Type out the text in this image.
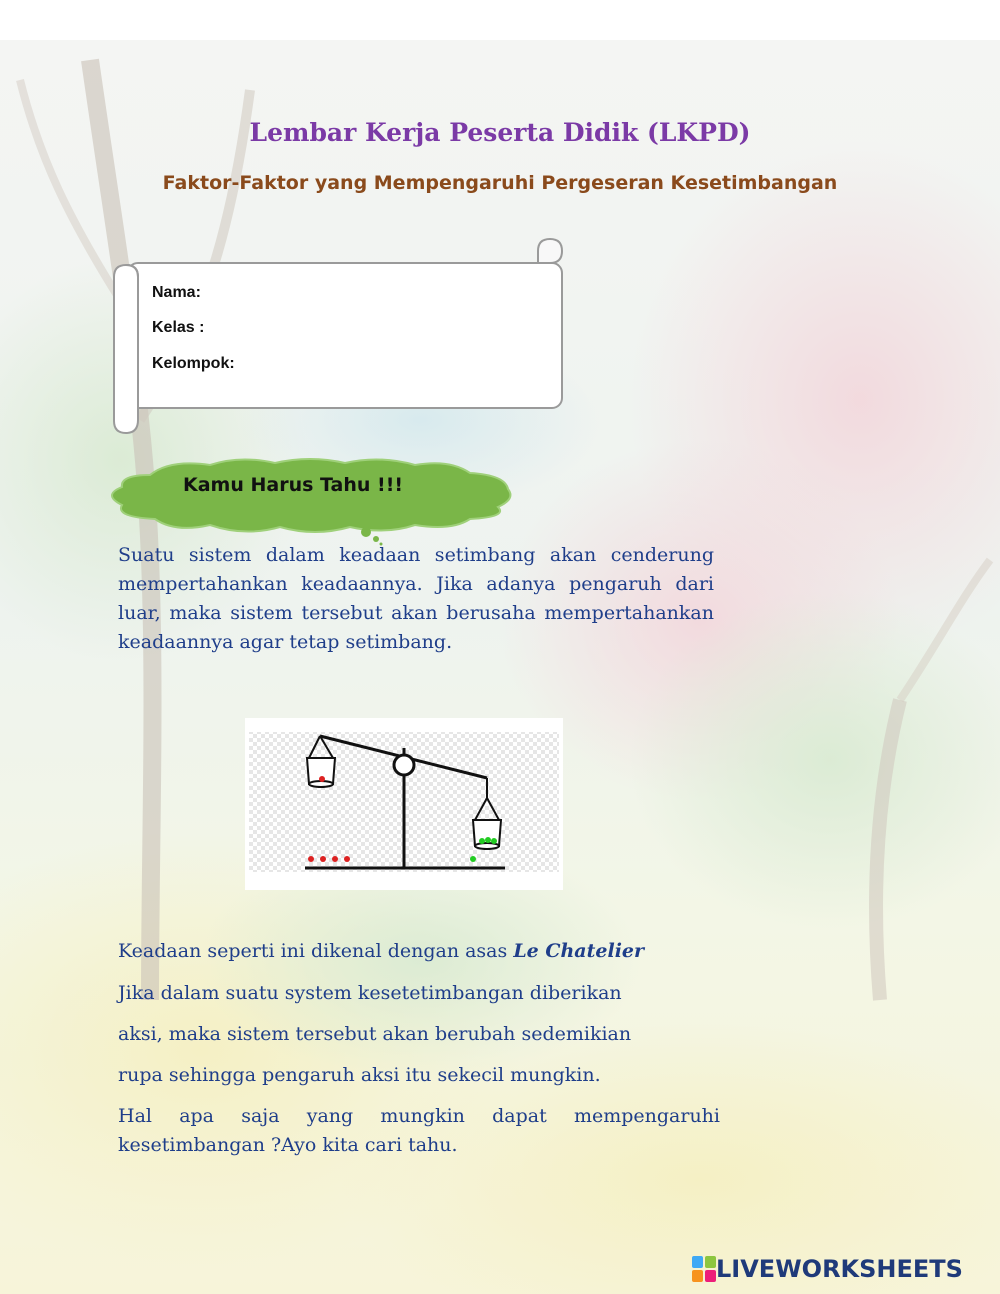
Lembar Kerja Peserta Didik (LKPD)
Faktor-Faktor yang Mempengaruhi Pergeseran Kesetimbangan
Nama:
Kelas :
Kelompok:
Kamu Harus Tahu !!!
Suatu sistem dalam keadaan setimbang akan cenderung mempertahankan keadaannya. Jika adanya pengaruh dari luar, maka sistem tersebut akan berusaha mempertahankan keadaannya agar tetap setimbang.
Keadaan seperti ini dikenal dengan asas Le Chatelier
Jika dalam suatu system kesetetimbangan diberikan
aksi, maka sistem tersebut akan berubah sedemikian
rupa sehingga pengaruh aksi itu sekecil mungkin.
Hal apa saja yang mungkin dapat mempengaruhi kesetimbangan ?Ayo kita cari tahu.
LIVEWORKSHEETS
